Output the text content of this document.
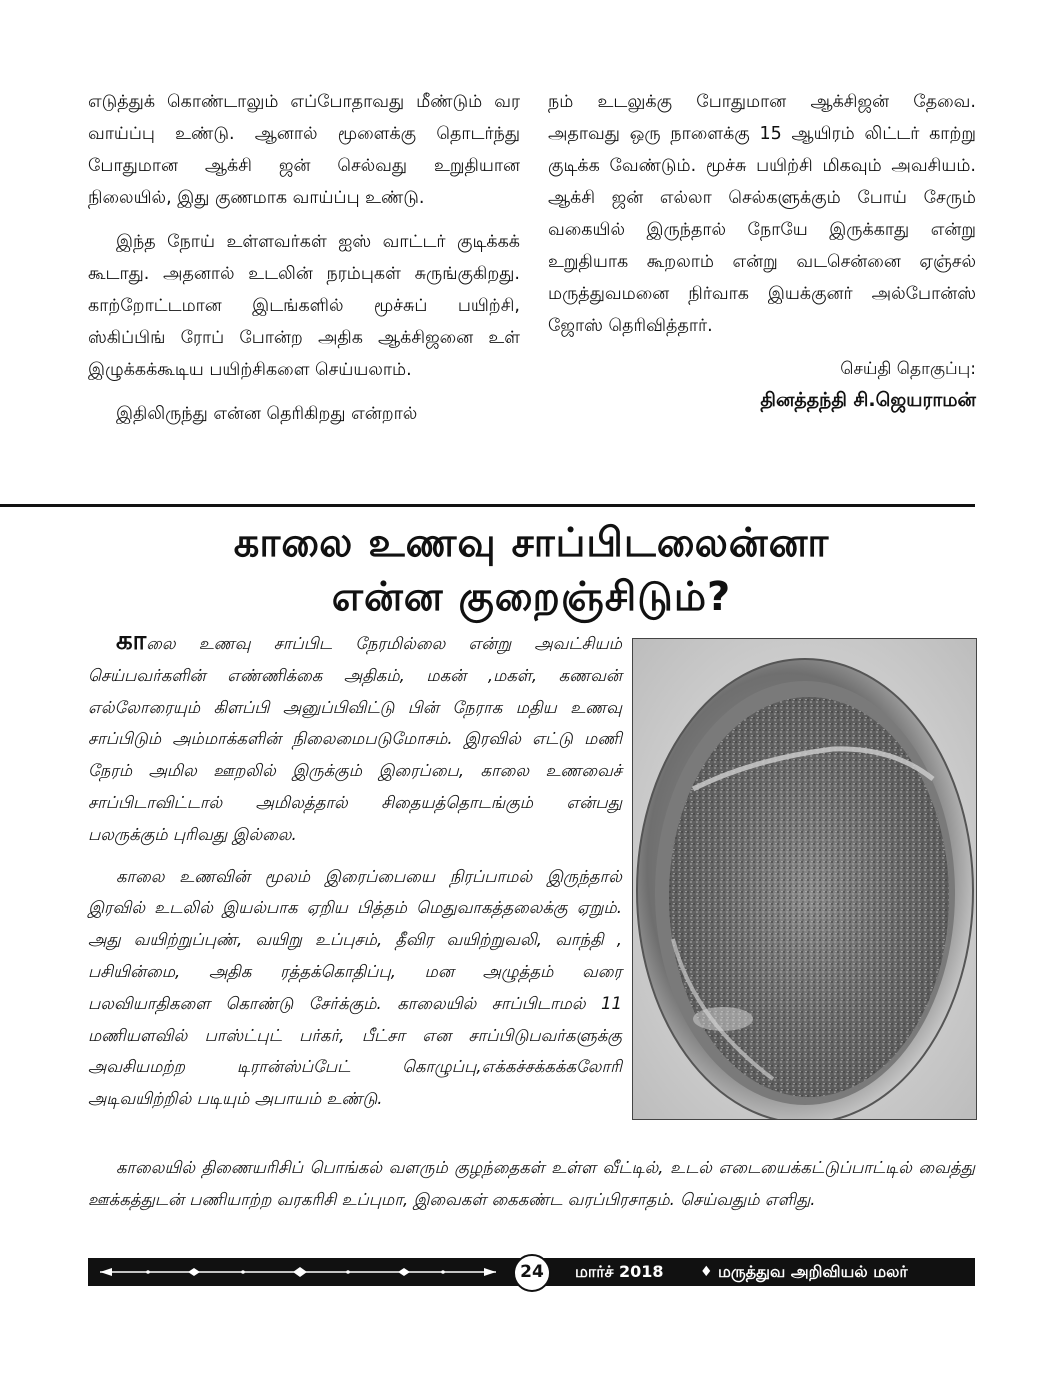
எடுத்துக் கொண்டாலும் எப்போதாவது மீண்டும் வர வாய்ப்பு உண்டு. ஆனால் மூளைக்கு தொடர்ந்து போதுமான ஆக்சி ஜன் செல்வது உறுதியான நிலையில், இது குணமாக வாய்ப்பு உண்டு.

இந்த நோய் உள்ளவர்கள் ஐஸ் வாட்டர் குடிக்கக் கூடாது. அதனால் உடலின் நரம்புகள் சுருங்குகிறது. காற்றோட்டமான இடங்களில் மூச்சுப் பயிற்சி, ஸ்கிப்பிங் ரோப் போன்ற அதிக ஆக்சிஜனை உள் இழுக்கக்கூடிய பயிற்சிகளை செய்யலாம்.

இதிலிருந்து என்ன தெரிகிறது என்றால்

நம் உடலுக்கு போதுமான ஆக்சிஜன் தேவை. அதாவது ஒரு நாளைக்கு 15 ஆயிரம் லிட்டர் காற்று குடிக்க வேண்டும். மூச்சு பயிற்சி மிகவும் அவசியம். ஆக்சி ஜன் எல்லா செல்களுக்கும் போய் சேரும் வகையில் இருந்தால் நோயே இருக்காது என்று உறுதியாக கூறலாம் என்று வடசென்னை ஏஞ்சல் மருத்துவமனை நிர்வாக இயக்குனர் அல்போன்ஸ் ஜோஸ் தெரிவித்தார்.

செய்தி தொகுப்பு:
தினத்தந்தி சி.ஜெயராமன்
காலை உணவு சாப்பிடலைன்னா
என்ன குறைஞ்சிடும்?

காலை உணவு சாப்பிட நேரமில்லை என்று அவட்சியம் செய்பவர்களின் எண்ணிக்கை அதிகம், மகன் ,மகள், கணவன் எல்லோரையும் கிளப்பி அனுப்பிவிட்டு பின் நேராக மதிய உணவு சாப்பிடும் அம்மாக்களின் நிலைமைபடுமோசம். இரவில் எட்டு மணி நேரம் அமில ஊறலில் இருக்கும் இரைப்பை, காலை உணவைச் சாப்பிடாவிட்டால் அமிலத்தால் சிதையத்தொடங்கும் என்பது பலருக்கும் புரிவது இல்லை.

காலை உணவின் மூலம் இரைப்பையை நிரப்பாமல் இருந்தால் இரவில் உடலில் இயல்பாக ஏறிய பித்தம் மெதுவாகத்தலைக்கு ஏறும். அது வயிற்றுப்புண், வயிறு உப்புசம், தீவிர வயிற்றுவலி, வாந்தி , பசியின்மை, அதிக ரத்தக்கொதிப்பு, மன அழுத்தம் வரை பலவியாதிகளை கொண்டு சேர்க்கும். காலையில் சாப்பிடாமல் 11 மணியளவில் பாஸ்ட்புட் பர்கர், பீட்சா என சாப்பிடுபவர்களுக்கு அவசியமற்ற டிரான்ஸ்ப்பேட் கொழுப்பு,எக்கச்சக்கக்கலோரி அடிவயிற்றில் படியும் அபாயம் உண்டு.

காலையில் திணையரிசிப் பொங்கல் வளரும் குழந்தைகள் உள்ள வீட்டில், உடல் எடையைக்கட்டுப்பாட்டில் வைத்து ஊக்கத்துடன் பணியாற்ற வரகரிசி உப்புமா, இவைகள் கைகண்ட வரப்பிரசாதம். செய்வதும் எளிது.

24	மார்ச் 2018	♦ மருத்துவ அறிவியல் மலர்
